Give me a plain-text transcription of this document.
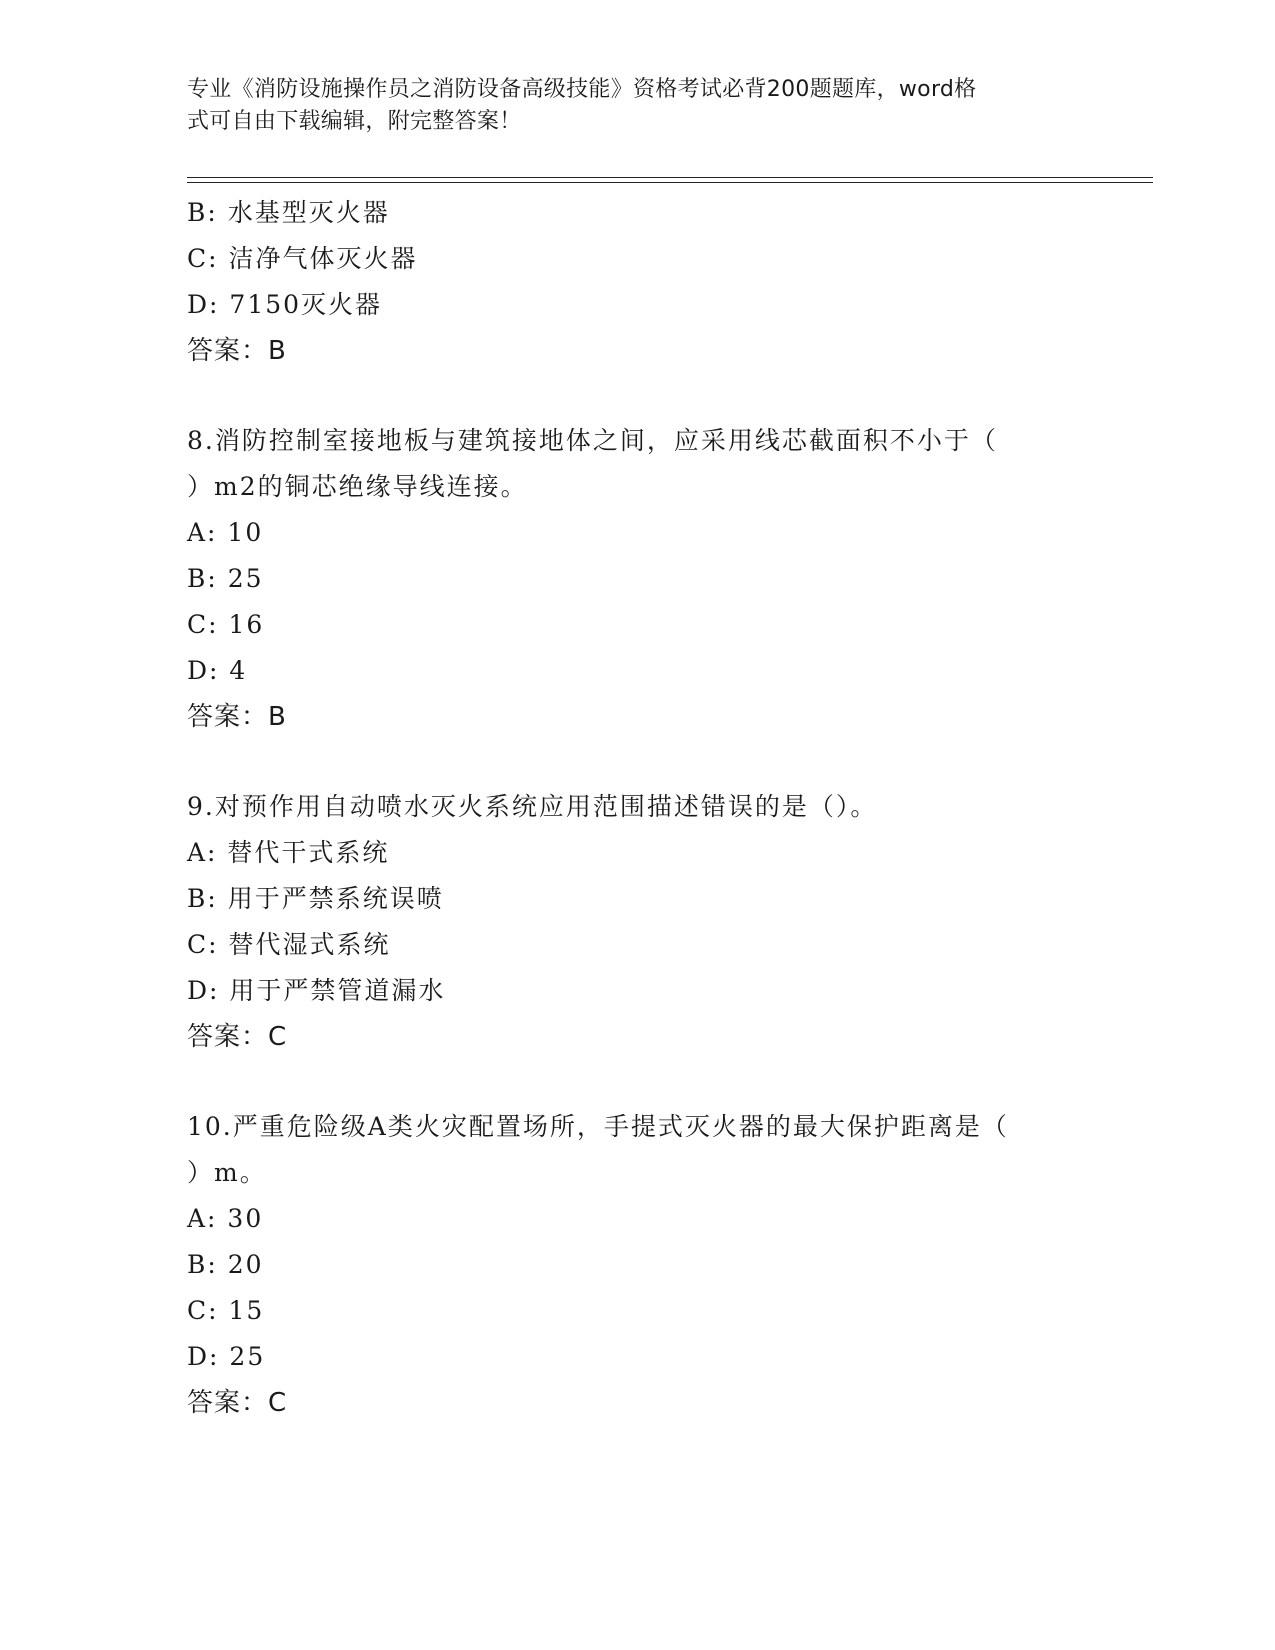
专业《消防设施操作员之消防设备高级技能》资格考试必背200题题库，word格
式可自由下载编辑，附完整答案！
B: 水基型灭火器
C: 洁净气体灭火器
D: 7150灭火器
答案：B
8.消防控制室接地板与建筑接地体之间，应采用线芯截面积不小于（
）m2的铜芯绝缘导线连接。
A: 10
B: 25
C: 16
D: 4
答案：B
9.对预作用自动喷水灭火系统应用范围描述错误的是（）。
A: 替代干式系统
B: 用于严禁系统误喷
C: 替代湿式系统
D: 用于严禁管道漏水
答案：C
10.严重危险级A类火灾配置场所，手提式灭火器的最大保护距离是（
）m。
A: 30
B: 20
C: 15
D: 25
答案：C
